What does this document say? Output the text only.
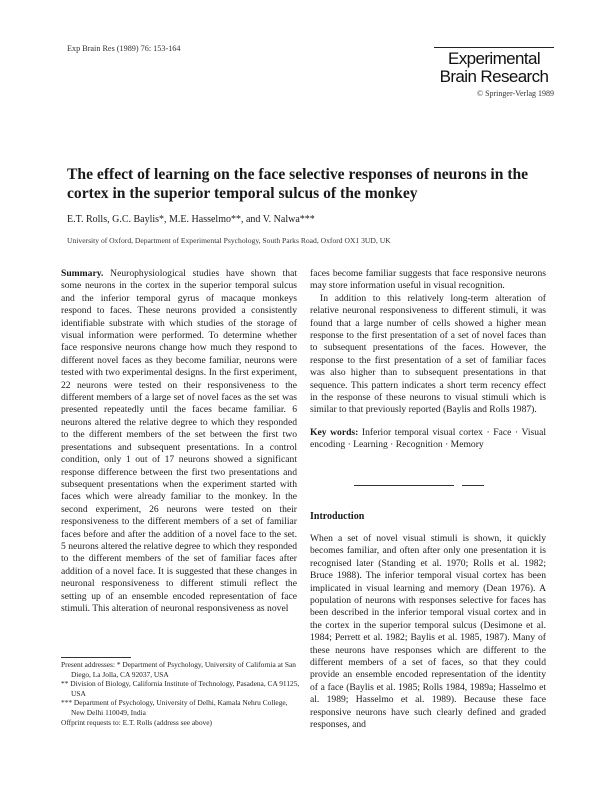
Exp Brain Res (1989) 76: 153-164
Experimental
Brain Research
© Springer-Verlag 1989
The effect of learning on the face selective responses of neurons in the cortex in the superior temporal sulcus of the monkey
E.T. Rolls, G.C. Baylis*, M.E. Hasselmo**, and V. Nalwa***
University of Oxford, Department of Experimental Psychology, South Parks Road, Oxford OX1 3UD, UK

Summary. Neurophysiological studies have shown that some neurons in the cortex in the superior temporal sulcus and the inferior temporal gyrus of macaque monkeys respond to faces. These neurons provided a consistently identifiable substrate with which studies of the storage of visual information were performed. To determine whether face responsive neurons change how much they respond to different novel faces as they become familiar, neurons were tested with two experimental designs. In the first experiment, 22 neurons were tested on their responsiveness to the different members of a large set of novel faces as the set was presented repeatedly until the faces became familiar. 6 neurons altered the relative degree to which they responded to the different members of the set between the first two presentations and subsequent presentations. In a control condition, only 1 out of 17 neurons showed a significant response difference between the first two presentations and subsequent presentations when the experiment started with faces which were already familiar to the monkey. In the second experiment, 26 neurons were tested on their responsiveness to the different members of a set of familiar faces before and after the addition of a novel face to the set. 5 neurons altered the relative degree to which they responded to the different members of the set of familiar faces after addition of a novel face. It is suggested that these changes in neuronal responsiveness to different stimuli reflect the setting up of an ensemble encoded representation of face stimuli. This alteration of neuronal responsiveness as novel

faces become familiar suggests that face responsive neurons may store information useful in visual recognition.

In addition to this relatively long-term alteration of relative neuronal responsiveness to different stimuli, it was found that a large number of cells showed a higher mean response to the first presentation of a set of novel faces than to subsequent presentations of the faces. However, the response to the first presentation of a set of familiar faces was also higher than to subsequent presentations in that sequence. This pattern indicates a short term recency effect in the response of these neurons to visual stimuli which is similar to that previously reported (Baylis and Rolls 1987).

Key words: Inferior temporal visual cortex · Face · Visual encoding · Learning · Recognition · Memory

Introduction
When a set of novel visual stimuli is shown, it quickly becomes familiar, and often after only one presentation it is recognised later (Standing et al. 1970; Rolls et al. 1982; Bruce 1988). The inferior temporal visual cortex has been implicated in visual learning and memory (Dean 1976). A population of neurons with responses selective for faces has been described in the inferior temporal visual cortex and in the cortex in the superior temporal sulcus (Desimone et al. 1984; Perrett et al. 1982; Baylis et al. 1985, 1987). Many of these neurons have responses which are different to the different members of a set of faces, so that they could provide an ensemble encoded representation of the identity of a face (Baylis et al. 1985; Rolls 1984, 1989a; Hasselmo et al. 1989; Hasselmo et al. 1989). Because these face responsive neurons have such clearly defined and graded responses, and

Present addresses: * Department of Psychology, University of California at San Diego, La Jolla, CA 92037, USA

** Division of Biology, California Institute of Technology, Pasadena, CA 91125, USA

*** Department of Psychology, University of Delhi, Kamala Nehru College, New Delhi 110049, India

Offprint requests to: E.T. Rolls (address see above)
